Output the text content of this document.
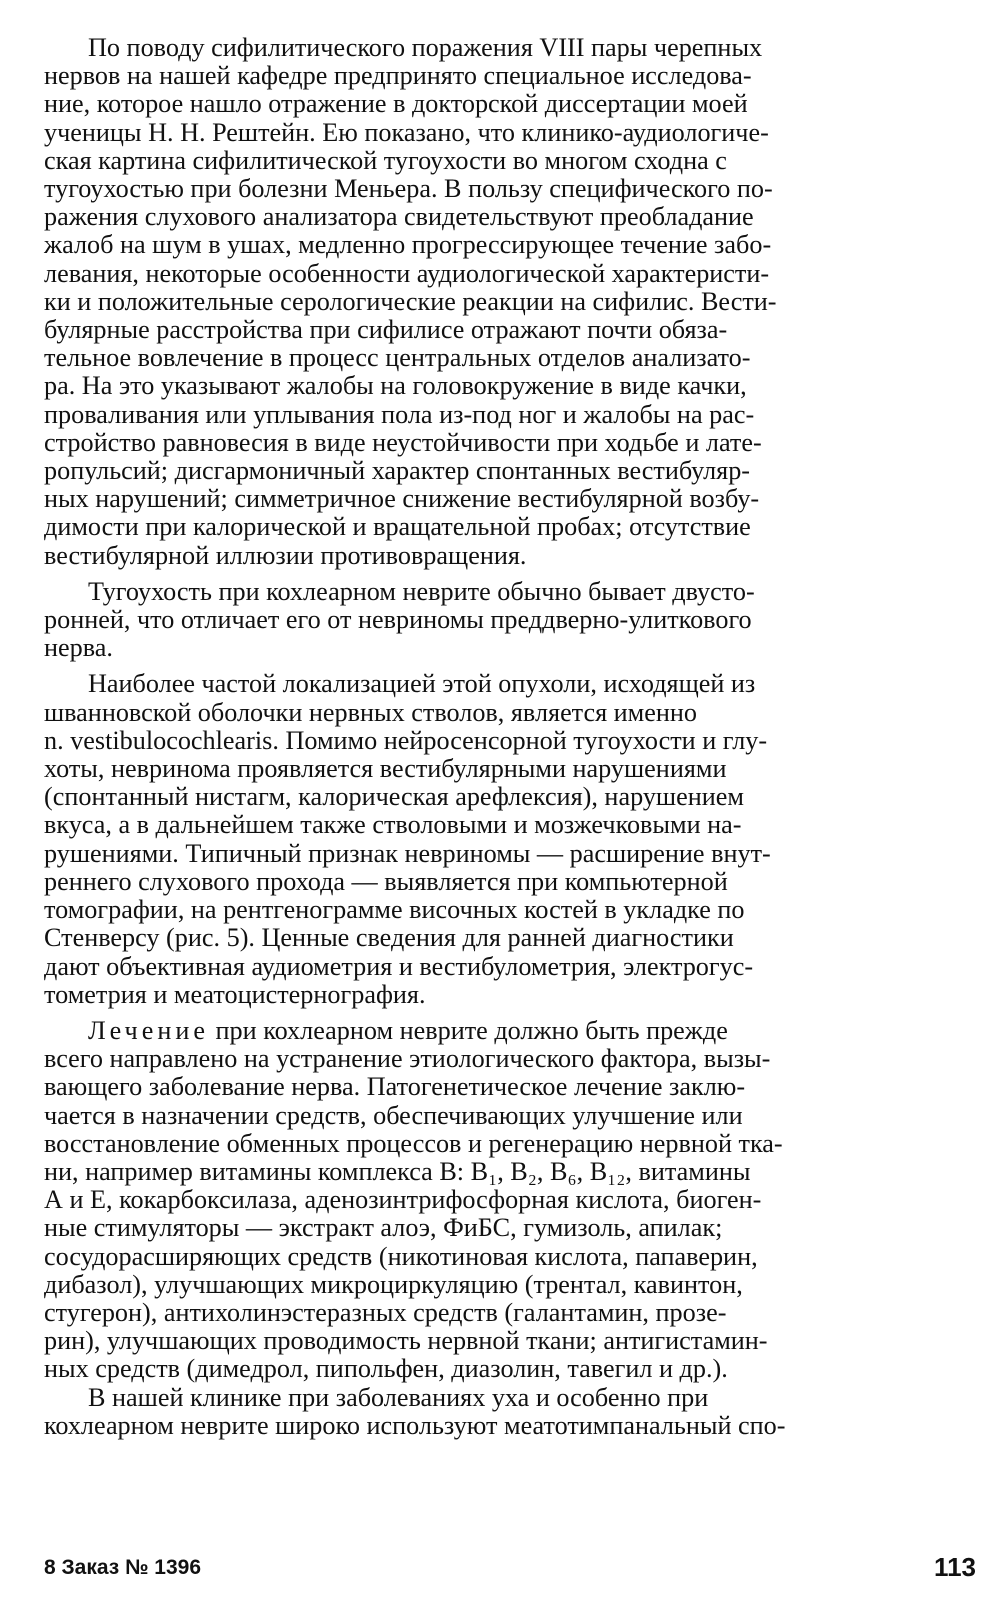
По поводу сифилитического поражения VIII пары черепных
нервов на нашей кафедре предпринято специальное исследова-
ние, которое нашло отражение в докторской диссертации моей
ученицы Н. Н. Рештейн. Ею показано, что клинико-аудиологиче-
ская картина сифилитической тугоухости во многом сходна с
тугоухостью при болезни Меньера. В пользу специфического по-
ражения слухового анализатора свидетельствуют преобладание
жалоб на шум в ушах, медленно прогрессирующее течение забо-
левания, некоторые особенности аудиологической характеристи-
ки и положительные серологические реакции на сифилис. Вести-
булярные расстройства при сифилисе отражают почти обяза-
тельное вовлечение в процесс центральных отделов анализато-
ра. На это указывают жалобы на головокружение в виде качки,
проваливания или уплывания пола из-под ног и жалобы на рас-
стройство равновесия в виде неустойчивости при ходьбе и лате-
ропульсий; дисгармоничный характер спонтанных вестибуляр-
ных нарушений; симметричное снижение вестибулярной возбу-
димости при калорической и вращательной пробах; отсутствие
вестибулярной иллюзии противовращения.
Тугоухость при кохлеарном неврите обычно бывает двусто-
ронней, что отличает его от невриномы преддверно-улиткового
нерва.
Наиболее частой локализацией этой опухоли, исходящей из
шванновской оболочки нервных стволов, является именно
n. vestibulocochlearis. Помимо нейросенсорной тугоухости и глу-
хоты, невринома проявляется вестибулярными нарушениями
(спонтанный нистагм, калорическая арефлексия), нарушением
вкуса, а в дальнейшем также стволовыми и мозжечковыми на-
рушениями. Типичный признак невриномы — расширение внут-
реннего слухового прохода — выявляется при компьютерной
томографии, на рентгенограмме височных костей в укладке по
Стенверсу (рис. 5). Ценные сведения для ранней диагностики
дают объективная аудиометрия и вестибулометрия, электрогус-
тометрия и меатоцистернография.
Лечение при кохлеарном неврите должно быть прежде
всего направлено на устранение этиологического фактора, вызы-
вающего заболевание нерва. Патогенетическое лечение заклю-
чается в назначении средств, обеспечивающих улучшение или
восстановление обменных процессов и регенерацию нервной тка-
ни, например витамины комплекса В: B₁, B₂, B₆, B₁₂, витамины
А и Е, кокарбоксилаза, аденозинтрифосфорная кислота, биоген-
ные стимуляторы — экстракт алоэ, ФиБС, гумизоль, апилак;
сосудорасширяющих средств (никотиновая кислота, папаверин,
дибазол), улучшающих микроциркуляцию (трентал, кавинтон,
стугерон), антихолинэстеразных средств (галантамин, прозе-
рин), улучшающих проводимость нервной ткани; антигистамин-
ных средств (димедрол, пипольфен, диазолин, тавегил и др.).
В нашей клинике при заболеваниях уха и особенно при
кохлеарном неврите широко используют меатотимпанальный спо-
8 Заказ № 1396	113
